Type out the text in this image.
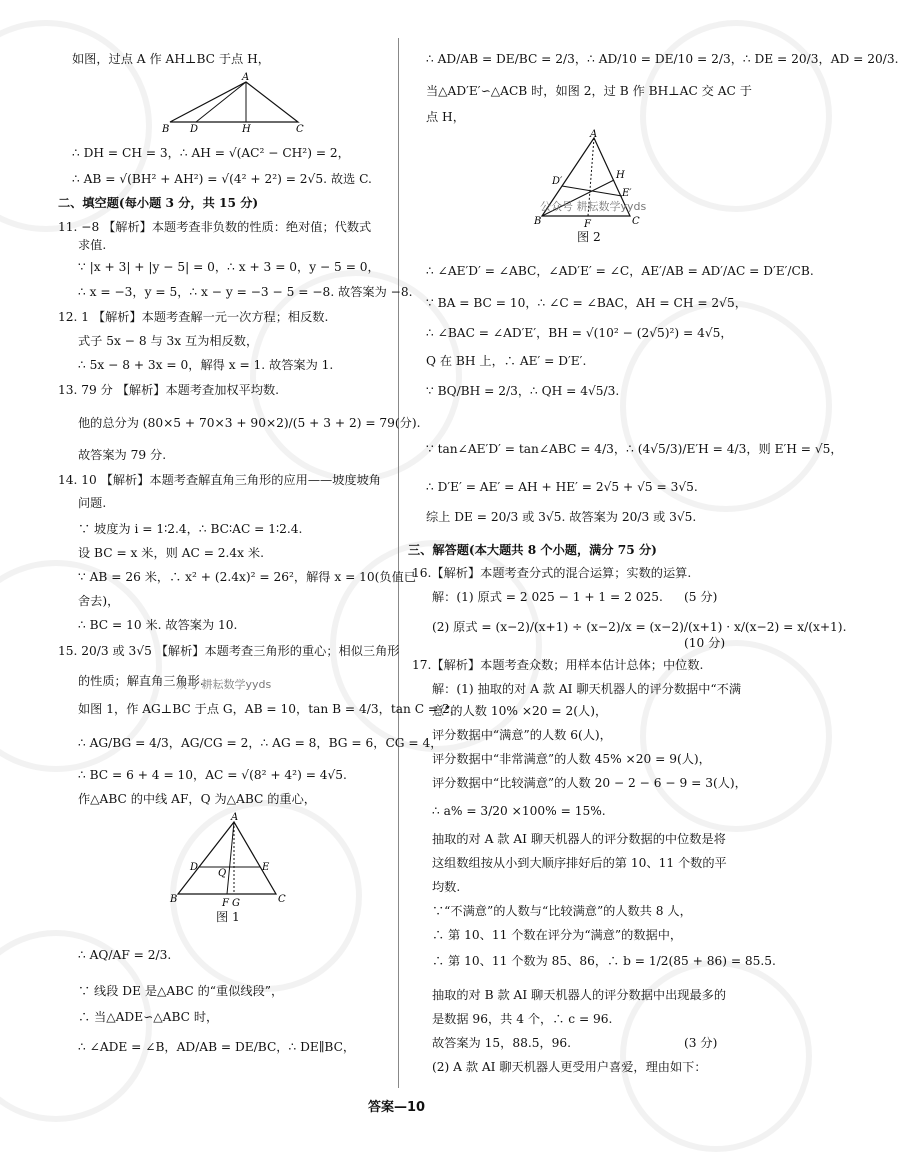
如图，过点 A 作 AH⊥BC 于点 H，
A
B D	H	C
∴ DH = CH = 3，∴ AH = √(AC² − CH²) = 2，
∴ AB = √(BH² + AH²) = √(4² + 2²) = 2√5. 故选 C.
二、填空题(每小题 3 分，共 15 分)
11. −8 【解析】本题考查非负数的性质：绝对值；代数式
求值.
∵ |x + 3| + |y − 5| = 0，∴ x + 3 = 0，y − 5 = 0，
∴ x = −3，y = 5，∴ x − y = −3 − 5 = −8. 故答案为 −8.
12. 1 【解析】本题考查解一元一次方程；相反数.
式子 5x − 8 与 3x 互为相反数，
∴ 5x − 8 + 3x = 0，解得 x = 1. 故答案为 1.
13. 79 分 【解析】本题考查加权平均数.
他的总分为 (80×5 + 70×3 + 90×2)/(5 + 3 + 2) = 79(分).
故答案为 79 分.
14. 10 【解析】本题考查解直角三角形的应用——坡度坡角
问题.
∵ 坡度为 i = 1∶2.4，∴ BC∶AC = 1∶2.4.
设 BC = x 米，则 AC = 2.4x 米.
∵ AB = 26 米，∴ x² + (2.4x)² = 26²，解得 x = 10(负值已
舍去)，
∴ BC = 10 米. 故答案为 10.
15. 20/3 或 3√5 【解析】本题考查三角形的重心；相似三角形
的性质；解直角三角形.
众号 耕耘数学yyds
如图 1，作 AG⊥BC 于点 G，AB = 10，tan B = 4/3，tan C = 2，
∴ AG/BG = 4/3，AG/CG = 2，∴ AG = 8，BG = 6，CG = 4，
∴ BC = 6 + 4 = 10，AC = √(8² + 4²) = 4√5.
作△ABC 的中线 AF，Q 为△ABC 的重心，
A
B
D	E
Q
F G	C
图 1
∴ AQ/AF = 2/3.
∵ 线段 DE 是△ABC 的“重似线段”，
∴ 当△ADE∽△ABC 时，
∴ ∠ADE = ∠B，AD/AB = DE/BC，∴ DE∥BC，
∴ AD/AB = DE/BC = 2/3，∴ AD/10 = DE/10 = 2/3，∴ DE = 20/3，AD = 20/3.
当△AD′E′∽△ACB 时，如图 2，过 B 作 BH⊥AC 交 AC 于
点 H，
A
B
D′
H
E′
F	C
公众号 耕耘数学yyds
图 2
∴ ∠AE′D′ = ∠ABC，∠AD′E′ = ∠C，AE′/AB = AD′/AC = D′E′/CB.
∵ BA = BC = 10，∴ ∠C = ∠BAC，AH = CH = 2√5，
∴ ∠BAC = ∠AD′E′，BH = √(10² − (2√5)²) = 4√5，
Q 在 BH 上，∴ AE′ = D′E′.
∵ BQ/BH = 2/3，∴ QH = 4√5/3.
∵ tan∠AE′D′ = tan∠ABC = 4/3，∴ (4√5/3)/E′H = 4/3，则 E′H = √5，
∴ D′E′ = AE′ = AH + HE′ = 2√5 + √5 = 3√5.
综上 DE = 20/3 或 3√5. 故答案为 20/3 或 3√5.
三、解答题(本大题共 8 个小题，满分 75 分)
16.【解析】本题考查分式的混合运算；实数的运算.
解：(1) 原式 = 2 025 − 1 + 1 = 2 025. (5 分)
(2) 原式 = (x−2)/(x+1) ÷ (x−2)/x = (x−2)/(x+1) · x/(x−2) = x/(x+1).
(10 分)
17.【解析】本题考查众数；用样本估计总体；中位数.
解：(1) 抽取的对 A 款 AI 聊天机器人的评分数据中“不满
意”的人数 10% ×20 = 2(人)，
评分数据中“满意”的人数 6(人)，
评分数据中“非常满意”的人数 45% ×20 = 9(人)，
评分数据中“比较满意”的人数 20 − 2 − 6 − 9 = 3(人)，
∴ a% = 3/20 ×100% = 15%.
抽取的对 A 款 AI 聊天机器人的评分数据的中位数是将
这组数组按从小到大顺序排好后的第 10、11 个数的平
均数.
∵“不满意”的人数与“比较满意”的人数共 8 人，
∴ 第 10、11 个数在评分为“满意”的数据中，
∴ 第 10、11 个数为 85、86，∴ b = 1/2(85 + 86) = 85.5.
抽取的对 B 款 AI 聊天机器人的评分数据中出现最多的
是数据 96，共 4 个，∴ c = 96.
故答案为 15，88.5，96.	(3 分)
(2) A 款 AI 聊天机器人更受用户喜爱，理由如下：
答案—10
